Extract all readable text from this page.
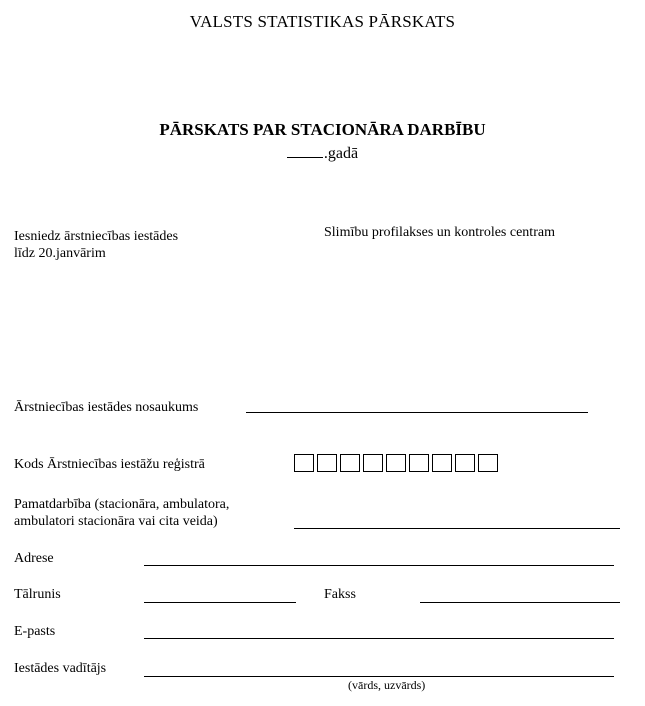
VALSTS STATISTIKAS PĀRSKATS
PĀRSKATS PAR STACIONĀRA DARBĪBU
.gadā
Iesniedz ārstniecības iestādes
līdz 20.janvārim
Slimību profilakses un kontroles centram
Ārstniecības iestādes nosaukums
Kods Ārstniecības iestāžu reģistrā
Pamatdarbība (stacionāra, ambulatora,
ambulatori stacionāra vai cita veida)
Adrese
Tālrunis	Fakss
E-pasts
Iestādes vadītājs
(vārds, uzvārds)
